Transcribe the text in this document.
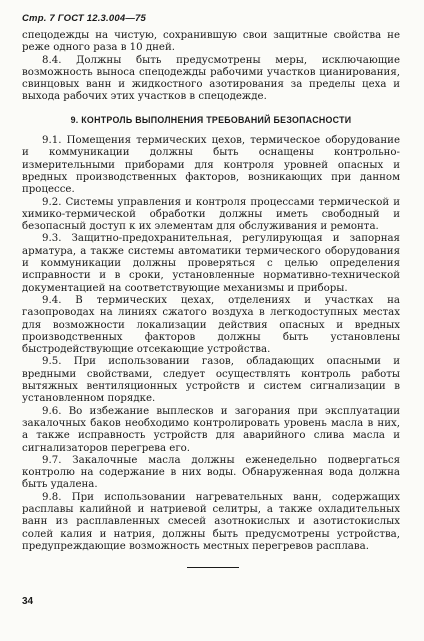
Стр. 7 ГОСТ 12.3.004—75

спецодежды на чистую, сохранившую свои защитные свойства не реже одного раза в 10 дней.

8.4. Должны быть предусмотрены меры, исключающие возможность выноса спецодежды рабочими участков цианирования, свинцовых ванн и жидкостного азотирования за пределы цеха и выхода рабочих этих участков в спецодежде.

9. КОНТРОЛЬ ВЫПОЛНЕНИЯ ТРЕБОВАНИЙ БЕЗОПАСНОСТИ

9.1. Помещения термических цехов, термическое оборудование и коммуникации должны быть оснащены контрольно-измерительными приборами для контроля уровней опасных и вредных производственных факторов, возникающих при данном процессе.

9.2. Системы управления и контроля процессами термической и химико-термической обработки должны иметь свободный и безопасный доступ к их элементам для обслуживания и ремонта.

9.3. Защитно-предохранительная, регулирующая и запорная арматура, а также системы автоматики термического оборудования и коммуникации должны проверяться с целью определения исправности и в сроки, установленные нормативно-технической документацией на соответствующие механизмы и приборы.

9.4. В термических цехах, отделениях и участках на газопроводах на линиях сжатого воздуха в легкодоступных местах для возможности локализации действия опасных и вредных производственных факторов должны быть установлены быстродействующие отсекающие устройства.

9.5. При использовании газов, обладающих опасными и вредными свойствами, следует осуществлять контроль работы вытяжных вентиляционных устройств и систем сигнализации в установленном порядке.

9.6. Во избежание выплесков и загорания при эксплуатации закалочных баков необходимо контролировать уровень масла в них, а также исправность устройств для аварийного слива масла и сигнализаторов перегрева его.

9.7. Закалочные масла должны еженедельно подвергаться контролю на содержание в них воды. Обнаруженная вода должна быть удалена.

9.8. При использовании нагревательных ванн, содержащих расплавы калийной и натриевой селитры, а также охладительных ванн из расплавленных смесей азотнокислых и азотистокислых солей калия и натрия, должны быть предусмотрены устройства, предупреждающие возможность местных перегревов расплава.

34
